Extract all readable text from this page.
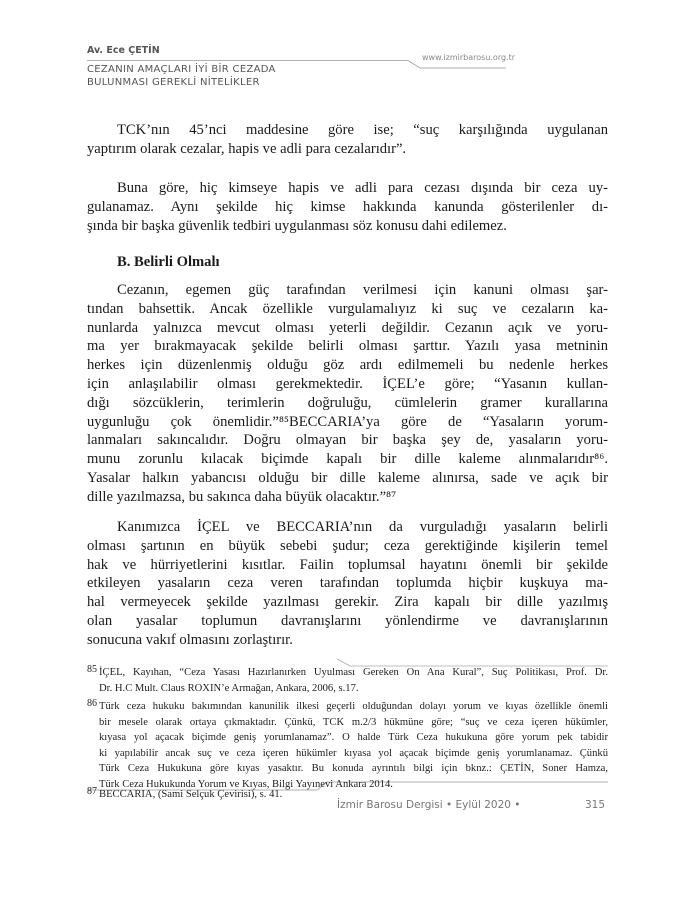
Av. Ece ÇETİN
CEZANIN AMAÇLARI İYİ BİR CEZADA
BULUNMASI GEREKLİ NİTELİKLER
www.izmirbarosu.org.tr
TCK’nın 45’nci maddesine göre ise; “suç karşılığında uygulanan
yaptırım olarak cezalar, hapis ve adli para cezalarıdır”.
Buna göre, hiç kimseye hapis ve adli para cezası dışında bir ceza uy-
gulanamaz. Aynı şekilde hiç kimse hakkında kanunda gösterilenler dı-
şında bir başka güvenlik tedbiri uygulanması söz konusu dahi edilemez.
B. Belirli Olmalı
Cezanın, egemen güç tarafından verilmesi için kanuni olması şar-
tından bahsettik. Ancak özellikle vurgulamalıyız ki suç ve cezaların ka-
nunlarda yalnızca mevcut olması yeterli değildir. Cezanın açık ve yoru-
ma yer bırakmayacak şekilde belirli olması şarttır. Yazılı yasa metninin
herkes için düzenlenmiş olduğu göz ardı edilmemeli bu nedenle herkes
için anlaşılabilir olması gerekmektedir. İÇEL’e göre; “Yasanın kullan-
dığı sözcüklerin, terimlerin doğruluğu, cümlelerin gramer kurallarına
uygunluğu çok önemlidir.”⁸⁵BECCARIA’ya göre de “Yasaların yorum-
lanmaları sakıncalıdır. Doğru olmayan bir başka şey de, yasaların yoru-
munu zorunlu kılacak biçimde kapalı bir dille kaleme alınmalarıdır⁸⁶.
Yasalar halkın yabancısı olduğu bir dille kaleme alınırsa, sade ve açık bir
dille yazılmazsa, bu sakınca daha büyük olacaktır.”⁸⁷
Kanımızca İÇEL ve BECCARIA’nın da vurguladığı yasaların belirli
olması şartının en büyük sebebi şudur; ceza gerektiğinde kişilerin temel
hak ve hürriyetlerini kısıtlar. Failin toplumsal hayatını önemli bir şekilde
etkileyen yasaların ceza veren tarafından toplumda hiçbir kuşkuya ma-
hal vermeyecek şekilde yazılması gerekir. Zira kapalı bir dille yazılmış
olan yasalar toplumun davranışlarını yönlendirme ve davranışlarının
sonucuna vakıf olmasını zorlaştırır.
85 İÇEL, Kayıhan, “Ceza Yasası Hazırlanırken Uyulması Gereken On Ana Kural”, Suç Politikası, Prof. Dr.
Dr. H.C Mult. Claus ROXIN’e Armağan, Ankara, 2006, s.17.
86 Türk ceza hukuku bakımından kanunilik ilkesi geçerli olduğundan dolayı yorum ve kıyas özellikle önemli
bir mesele olarak ortaya çıkmaktadır. Çünkü, TCK m.2/3 hükmüne göre; “suç ve ceza içeren hükümler,
kıyasa yol açacak biçimde geniş yorumlanamaz”. O halde Türk Ceza hukukuna göre yorum pek tabidir
ki yapılabilir ancak suç ve ceza içeren hükümler kıyasa yol açacak biçimde geniş yorumlanamaz. Çünkü
Türk Ceza Hukukuna göre kıyas yasaktır. Bu konuda ayrıntılı bilgi için bknz.: ÇETİN, Soner Hamza,
Türk Ceza Hukukunda Yorum ve Kıyas, Bilgi Yayınevi Ankara 2014.
87 BECCARIA, (Sami Selçuk Çevirisi), s. 41.
İzmir Barosu Dergisi • Eylül 2020 •	315
